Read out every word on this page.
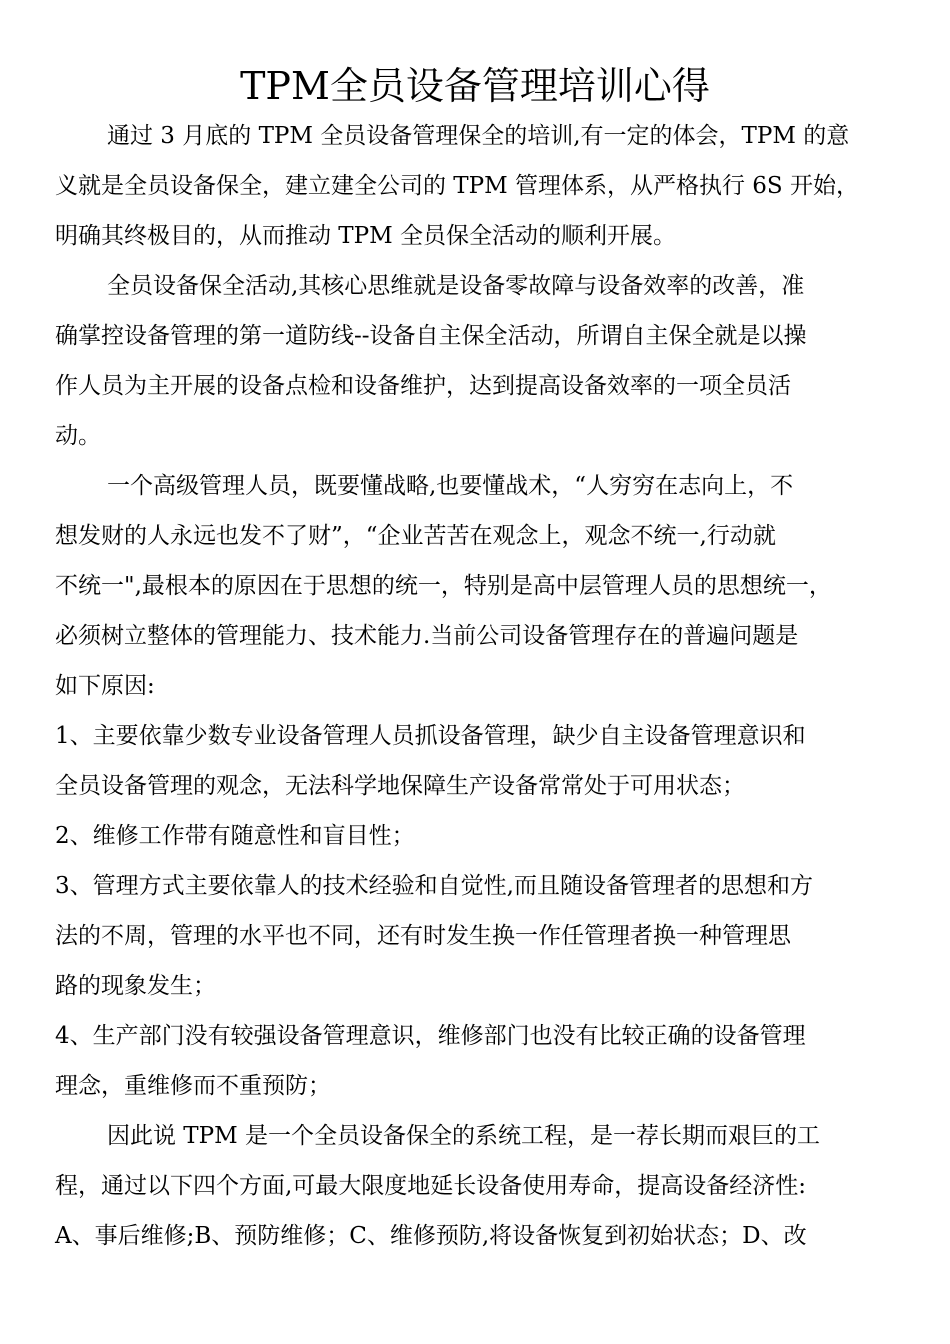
TPM全员设备管理培训心得
通过 3 月底的 TPM 全员设备管理保全的培训,有一定的体会，TPM 的意
义就是全员设备保全，建立建全公司的 TPM 管理体系，从严格执行 6S 开始，
明确其终极目的，从而推动 TPM 全员保全活动的顺利开展。
全员设备保全活动,其核心思维就是设备零故障与设备效率的改善，准
确掌控设备管理的第一道防线--设备自主保全活动，所谓自主保全就是以操
作人员为主开展的设备点检和设备维护，达到提高设备效率的一项全员活
动。
一个高级管理人员，既要懂战略,也要懂战术，“人穷穷在志向上，不
想发财的人永远也发不了财”，“企业苦苦在观念上，观念不统一,行动就
不统一",最根本的原因在于思想的统一，特别是高中层管理人员的思想统一，
必须树立整体的管理能力、技术能力.当前公司设备管理存在的普遍问题是
如下原因:
1、主要依靠少数专业设备管理人员抓设备管理，缺少自主设备管理意识和
全员设备管理的观念，无法科学地保障生产设备常常处于可用状态；
2、维修工作带有随意性和盲目性；
3、管理方式主要依靠人的技术经验和自觉性,而且随设备管理者的思想和方
法的不周，管理的水平也不同，还有时发生换一作任管理者换一种管理思
路的现象发生；
4、生产部门没有较强设备管理意识，维修部门也没有比较正确的设备管理
理念，重维修而不重预防；
因此说 TPM 是一个全员设备保全的系统工程，是一荐长期而艰巨的工
程，通过以下四个方面,可最大限度地延长设备使用寿命，提高设备经济性:
A、事后维修;B、预防维修；C、维修预防,将设备恢复到初始状态；D、改
